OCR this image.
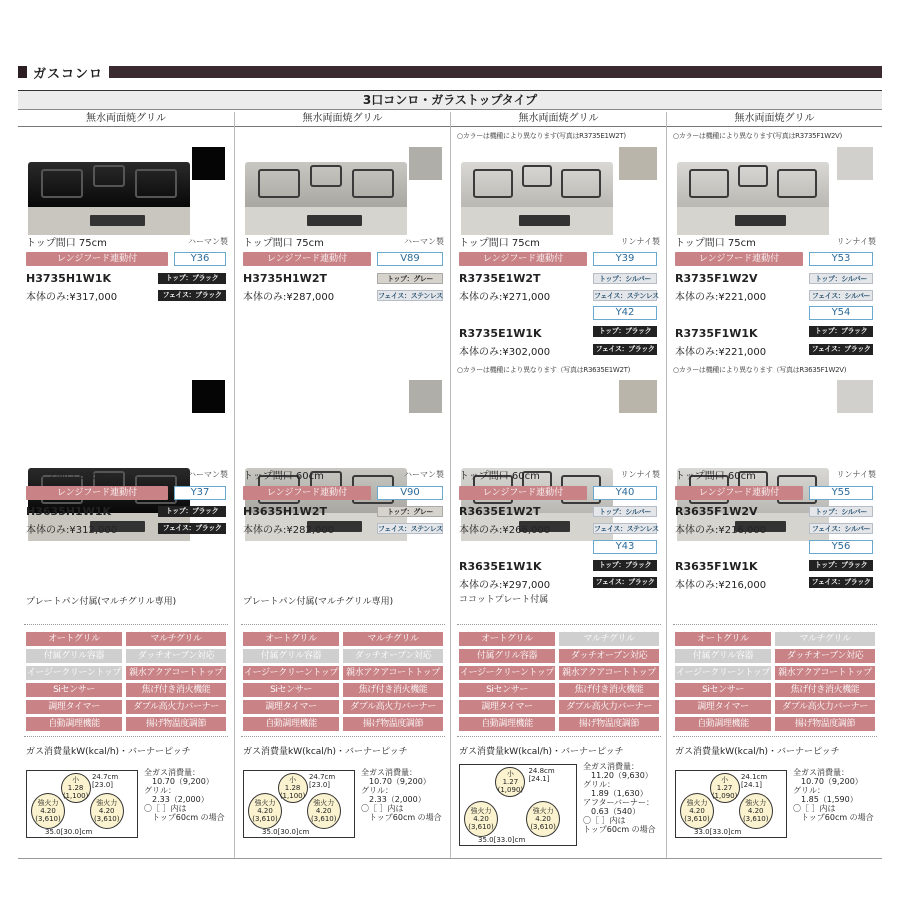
ガスコンロ
3口コンロ・ガラストップタイプ
無水両面焼グリル
トップ間口 75cm	ハーマン製
レンジフード連動付	Y36
H3735H1W1K
本体のみ:¥317,000
トップ：ブラック
フェイス：ブラック
トップ間口 60cm	ハーマン製
レンジフード連動付	Y37
H3635H1W1K
本体のみ:¥312,000
トップ：ブラック
フェイス：ブラック
プレートパン付属(マルチグリル専用)
ガス消費量kW(kcal/h)・バーナーピッチ
オートグリル	マルチグリル
付属グリル容器	ダッチオーブン対応
イージークリーントップ 親水アクアコートトップ
Siセンサー	焦げ付き消火機能
調理タイマー	ダブル高火力バーナー
自動調理機能	揚げ物温度調節
小
1.28
(1,100)
強火力
4.20
(3,610)
強火力
4.20
(3,610)
24.7cm
[23.0]
35.0[30.0]cm
全ガス消費量：
10.70（9,200）
グリル：
2.33（2,000）
〇［ ］内は
トップ60cm の場合
無水両面焼グリル
トップ間口 75cm	ハーマン製
レンジフード連動付	V89
H3735H1W2T
本体のみ:¥287,000
トップ：グレー
フェイス：ステンレス
トップ間口 60cm	ハーマン製
レンジフード連動付	V90
H3635H1W2T
本体のみ:¥282,000
トップ：グレー
フェイス：ステンレス
プレートパン付属(マルチグリル専用)
ガス消費量kW(kcal/h)・バーナーピッチ
オートグリル	マルチグリル
付属グリル容器	ダッチオーブン対応
イージークリーントップ 親水アクアコートトップ
Siセンサー	焦げ付き消火機能
調理タイマー	ダブル高火力バーナー
自動調理機能	揚げ物温度調節
小
1.28
(1,100)
強火力
4.20
(3,610)
強火力
4.20
(3,610)
24.7cm
[23.0]
35.0[30.0]cm
全ガス消費量：
10.70（9,200）
グリル：
2.33（2,000）
〇［ ］内は
トップ60cm の場合
無水両面焼グリル
○カラーは機種により異なります(写真はR3735E1W2T)
トップ間口 75cm	リンナイ製
レンジフード連動付	Y39
R3735E1W2T
本体のみ:¥271,000
トップ：シルバー
フェイス：ステンレス
Y42
R3735E1W1K
本体のみ:¥302,000
トップ：ブラック
フェイス：ブラック
○カラーは機種により異なります（写真はR3635E1W2T)
トップ間口 60cm	リンナイ製
レンジフード連動付	Y40
R3635E1W2T
本体のみ:¥266,000
トップ：シルバー
フェイス：ステンレス
Y43
R3635E1W1K
本体のみ:¥297,000
トップ：ブラック
フェイス：ブラック
ココットプレート付属
ガス消費量kW(kcal/h)・バーナーピッチ
オートグリル	マルチグリル
付属グリル容器	ダッチオーブン対応
イージークリーントップ 親水アクアコートトップ
Siセンサー	焦げ付き消火機能
調理タイマー	ダブル高火力バーナー
自動調理機能	揚げ物温度調節
小
1.27
(1,090)
強火力
4.20
(3,610)
強火力
4.20
(3,610)
24.8cm
[24.1]
35.0[33.0]cm
全ガス消費量：
11.20（9,630）
グリル：
1.89（1,630）
アフターバーナー：
0.63（540）
〇［ ］内は
トップ60cm の場合
無水両面焼グリル
○カラーは機種により異なります(写真はR3735F1W2V)
トップ間口 75cm	リンナイ製
レンジフード連動付	Y53
R3735F1W2V
本体のみ:¥221,000
トップ：シルバー
フェイス：シルバー
Y54
R3735F1W1K
本体のみ:¥221,000
トップ：ブラック
フェイス：ブラック
○カラーは機種により異なります（写真はR3635F1W2V)
トップ間口 60cm	リンナイ製
レンジフード連動付	Y55
R3635F1W2V
本体のみ:¥216,000
トップ：シルバー
フェイス：シルバー
Y56
R3635F1W1K
本体のみ:¥216,000
トップ：ブラック
フェイス：ブラック
ガス消費量kW(kcal/h)・バーナーピッチ
オートグリル	マルチグリル
付属グリル容器	ダッチオーブン対応
イージークリーントップ 親水アクアコートトップ
Siセンサー	焦げ付き消火機能
調理タイマー	ダブル高火力バーナー
自動調理機能	揚げ物温度調節
小
1.27
(1,090)
強火力
4.20
(3,610)
強火力
4.20
(3,610)
24.1cm
[24.1]
33.0[33.0]cm
全ガス消費量：
10.70（9,200）
グリル：
1.85（1,590）
〇［ ］内は
トップ60cm の場合
